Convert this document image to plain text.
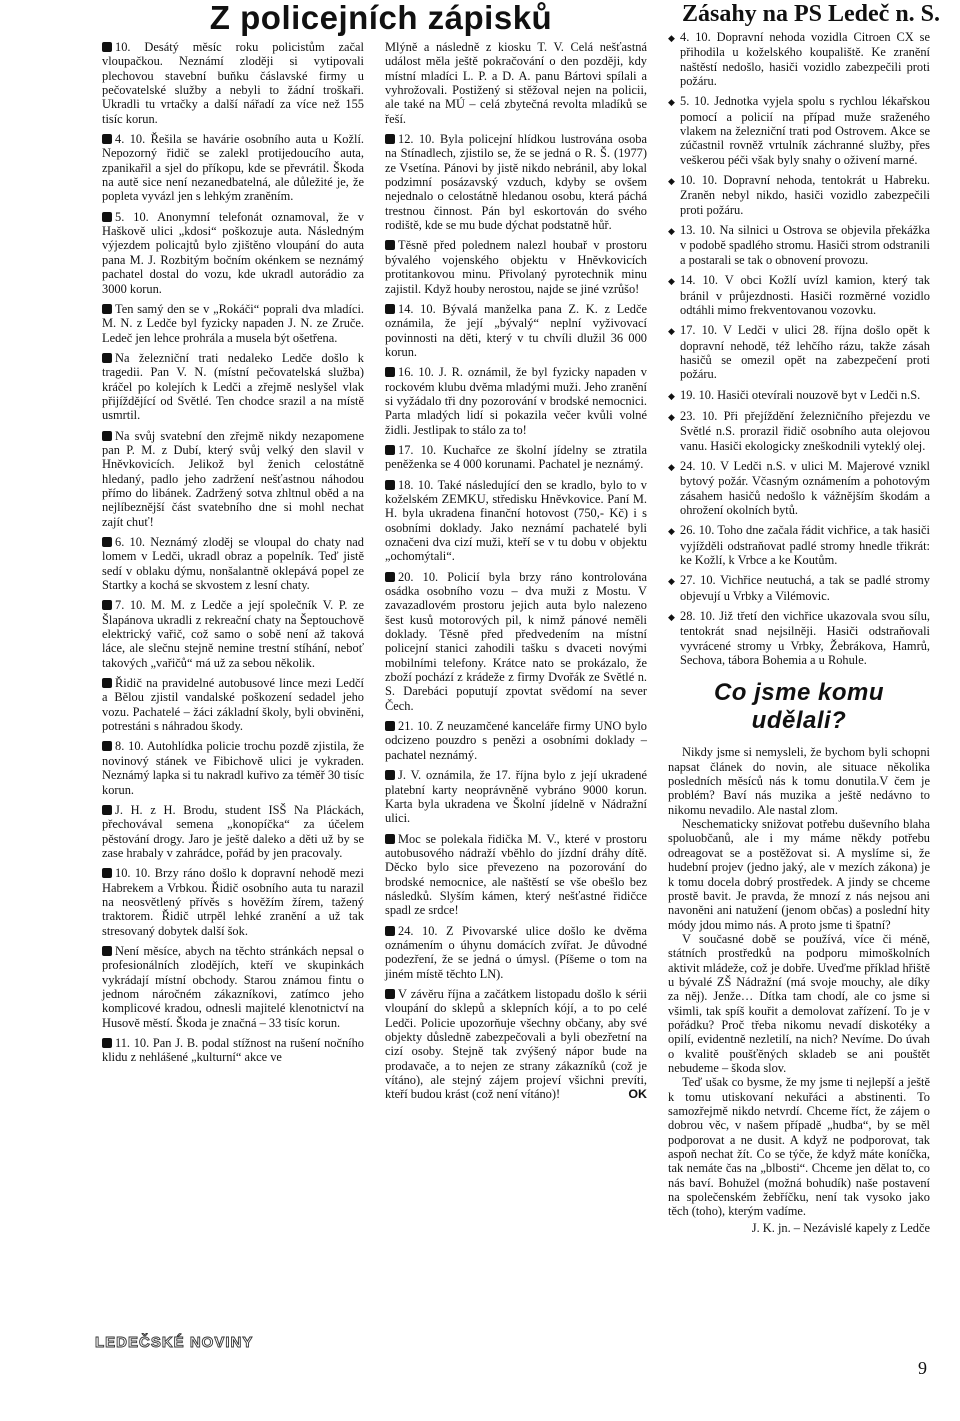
Z policejních zápisků	Zásahy na PS Ledeč n. S.

10. Desátý měsíc roku policistům začal vloupačkou. Neznámí zloději si vytipovali plechovou stavební buňku čáslavské firmy u pečovatelské služby a nebyli to žádní troškaři. Ukradli tu vrtačky a další nářadí za více než 155 tisíc korun.

4. 10. Řešila se havárie osobního auta u Kožlí. Nepozorný řidič se zalekl protijedoucího auta, zpanikařil a sjel do příkopu, kde se převrátil. Škoda na autě sice není nezanedbatelná, ale důležité je, že popleta vyvázl jen s lehkým zraněním.

5. 10. Anonymní telefonát oznamoval, že v Haškově ulici „kdosi“ poškozuje auta. Následným výjezdem policajtů bylo zjištěno vloupání do auta pana M. J. Rozbitým bočním okénkem se neznámý pachatel dostal do vozu, kde ukradl autorádio za 3000 korun.

Ten samý den se v „Rokáči“ poprali dva mladíci. M. N. z Ledče byl fyzicky napaden J. N. ze Zruče. Ledeč jen lehce prohrála a musela být ošetřena.

Na železniční trati nedaleko Ledče došlo k tragedii. Pan V. N. (místní pečovatelská služba) kráčel po kolejích k Ledči a zřejmě neslyšel vlak přijíždějící od Světlé. Ten chodce srazil a na místě usmrtil.

Na svůj svatební den zřejmě nikdy nezapomene pan P. M. z Dubí, který svůj velký den slavil v Hněvkovicích. Jelikož byl ženich celostátně hledaný, padlo jeho zadržení nešťastnou náhodou přímo do libánek. Zadržený sotva zhltnul oběd a na nejlíbeznější část svatebního dne si mohl nechat zajít chuť!

6. 10. Neznámý zloděj se vloupal do chaty nad lomem v Ledči, ukradl obraz a popelník. Teď jistě sedí v oblaku dýmu, nonšalantně oklepává popel ze Startky a kochá se skvostem z lesní chaty.

7. 10. M. M. z Ledče a její společník V. P. ze Šlapánova ukradli z rekreační chaty na Šeptouchově elektrický vařič, což samo o sobě není až taková láce, ale slečnu stejně nemine trestní stíhání, neboť takových „vařičů“ má už za sebou několik.

Řidič na pravidelné autobusové lince mezi Ledčí a Bělou zjistil vandalské poškození sedadel jeho vozu. Pachatelé – žáci základní školy, byli obviněni, potrestáni s náhradou škody.

8. 10. Autohlídka policie trochu pozdě zjistila, že novinový stánek ve Fibichově ulici je vykraden. Neznámý lapka si tu nakradl kuřivo za téměř 30 tisíc korun.

J. H. z H. Brodu, student ISŠ Na Pláckách, přechovával semena „konopíčka“ za účelem pěstování drogy. Jaro je ještě daleko a děti už by se zase hrabaly v zahrádce, pořád by jen pracovaly.

10. 10. Brzy ráno došlo k dopravní nehodě mezi Habrekem a Vrbkou. Řidič osobního auta tu narazil na neosvětlený přívěs s hověžím žírem, tažený traktorem. Řidič utrpěl lehké zranění a už tak stresovaný dobytek další šok.

Není měsíce, abych na těchto stránkách nepsal o profesionálních zlodějích, kteří ve skupinkách vykrádají místní obchody. Starou známou fintu o jednom náročném zákazníkovi, zatímco jeho komplicové kradou, odnesli majitelé klenotnictví na Husově městí. Škoda je značná – 33 tisíc korun.

11. 10. Pan J. B. podal stížnost na rušení nočního klidu z nehlášené „kulturní“ akce ve

Mlýně a následně z kiosku T. V. Celá nešťastná událost měla ještě pokračování o den později, kdy místní mladíci L. P. a D. A. panu Bártovi spílali a vyhrožovali. Postižený si stěžoval nejen na policii, ale také na MÚ – celá zbytečná revolta mladíků se řeší.

12. 10. Byla policejní hlídkou lustrována osoba na Stínadlech, zjistilo se, že se jedná o R. Š. (1977) ze Vsetína. Pánovi by jistě nikdo nebránil, aby lokal podzimní posázavský vzduch, kdyby se ovšem nejednalo o celostátně hledanou osobu, která páchá trestnou činnost. Pán byl eskortován do svého rodiště, kde se mu bude dýchat podstatně hůř.

Těsně před polednem nalezl houbař v prostoru bývalého vojenského objektu v Hněvkovicích protitankovou minu. Přivolaný pyrotechnik minu zajistil. Když houby nerostou, najde se jiné vzrůšo!

14. 10. Bývalá manželka pana Z. K. z Ledče oznámila, že její „bývalý“ neplní vyživovací povinnosti na děti, který v tu chvíli dlužil 36 000 korun.

16. 10. J. R. oznámil, že byl fyzicky napaden v rockovém klubu dvěma mladými muži. Jeho zranění si vyžádalo tři dny pozorování v brodské nemocnici. Parta mladých lidí si pokazila večer kvůli volné židli. Jestlipak to stálo za to!

17. 10. Kuchařce ze školní jídelny se ztratila peněženka se 4 000 korunami. Pachatel je neznámý.

18. 10. Také následující den se kradlo, bylo to v koželském ZEMKU, středisku Hněvkovice. Paní M. H. byla ukradena finanční hotovost (750,- Kč) i s osobními doklady. Jako neznámí pachatelé byli označeni dva cizí muži, kteří se v tu dobu v objektu „ochomýtali“.

20. 10. Policií byla brzy ráno kontrolována osádka osobního vozu – dva muži z Mostu. V zavazadlovém prostoru jejich auta bylo nalezeno šest kusů motorových pil, k nimž pánové neměli doklady. Těsně před předvedením na místní policejní stanici zahodili tašku s dvaceti novými mobilními telefony. Krátce nato se prokázalo, že zboží pochází z krádeže z firmy Dvořák ze Světlé n. S. Darebáci poputují zpovtat svědomí na sever Čech.

21. 10. Z neuzamčené kanceláře firmy UNO bylo odcizeno pouzdro s penězi a osobními doklady – pachatel neznámý.

J. V. oznámila, že 17. října bylo z její ukradené platební karty neoprávněně vybráno 9000 korun. Karta byla ukradena ve Školní jídelně v Nádražní ulici.

Moc se polekala řidička M. V., které v prostoru autobusového nádraží vběhlo do jízdní dráhy dítě. Děcko bylo sice převezeno na pozorování do brodské nemocnice, ale naštěstí se vše obešlo bez následků. Slyším kámen, který nešťastné řidičce spadl ze srdce!

24. 10. Z Pivovarské ulice došlo ke dvěma oznámením o úhynu domácích zvířat. Je důvodné podezření, že se jedná o úmysl. (Píšeme o tom na jiném místě těchto LN).

V závěru října a začátkem listopadu došlo k sérii vloupání do sklepů a sklepních kójí, a to po celé Ledči. Policie upozorňuje všechny občany, aby své objekty důsledně zabezpečovali a byli obezřetní na cizí osoby. Stejně tak zvýšený nápor bude na prodavače, a to nejen ze strany zákazníků (což je vítáno), ale stejný zájem projeví všichni prevíti, kteří budou krást (což není vítáno)!	OK

◆ 4. 10. Dopravní nehoda vozidla Citroen CX se přihodila u koželského koupaliště. Ke zranění naštěstí nedošlo, hasiči vozidlo zabezpečili proti požáru.

◆ 5. 10. Jednotka vyjela spolu s rychlou lékařskou pomocí a policií na případ muže sraženého vlakem na železniční trati pod Ostrovem. Akce se zúčastnil rovněž vrtulník záchranné služby, přes veškerou péči však byly snahy o oživení marné.

◆ 10. 10. Dopravní nehoda, tentokrát u Habreku. Zraněn nebyl nikdo, hasiči vozidlo zabezpečili proti požáru.

◆ 13. 10. Na silnici u Ostrova se objevila překážka v podobě spadlého stromu. Hasiči strom odstranili a postarali se tak o obnovení provozu.

◆ 14. 10. V obci Kožlí uvízl kamion, který tak bránil v průjezdnosti. Hasiči rozměrné vozidlo odtáhli mimo frekventovanou vozovku.

◆ 17. 10. V Ledči v ulici 28. října došlo opět k dopravní nehodě, též lehčího rázu, takže zásah hasičů se omezil opět na zabezpečení proti požáru.

◆ 19. 10. Hasiči otevírali nouzově byt v Ledči n.S.

◆ 23. 10. Při přejíždění železničního přejezdu ve Světlé n.S. prorazil řidič osobního auta olejovou vanu. Hasiči ekologicky zneškodnili vyteklý olej.

◆ 24. 10. V Ledči n.S. v ulici M. Majerové vznikl bytový požár. Včasným oznámením a pohotovým zásahem hasičů nedošlo k vážnějším škodám a ohrožení okolních bytů.

◆ 26. 10. Toho dne začala řádit vichřice, a tak hasiči vyjížděli odstraňovat padlé stromy hnedle třikrát: ke Kožlí, k Vrbce a ke Koutům.

◆ 27. 10. Vichřice neutuchá, a tak se padlé stromy objevují u Vrbky a Vilémovic.

◆ 28. 10. Již třetí den vichřice ukazovala svou sílu, tentokrát snad nejsilněji. Hasiči odstraňovali vyvrácené stromy u Vrbky, Žebrákova, Hamrů, Sechova, tábora Bohemia a u Rohule.

Co jsme komu udělali?

Nikdy jsme si nemysleli, že bychom byli schopni napsat článek do novin, ale situace několika posledních měsíců nás k tomu donutila.V čem je problém? Baví nás muzika a ještě nedávno to nikomu nevadilo. Ale nastal zlom.

Neschematicky snižovat potřebu duševního blaha spoluobčanů, ale i my máme někdy potřebu odreagovat se a postěžovat si. A myslíme si, že hudební projev (jedno jaký, ale v mezích zákona) je k tomu docela dobrý prostředek. A jindy se chceme prostě bavit. Je pravda, že mnozí z nás nejsou ani navoněni ani natužení (jenom občas) a poslední hity módy jdou mimo nás. A proto jsme ti špatní?

V současné době se používá, více či méně, státních prostředků na podporu mimoškolních aktivit mládeže, což je dobře. Uveďme příklad hřiště u bývalé ZŠ Nádražní (má svoje mouchy, ale díky za něj). Jenže… Dítka tam chodí, ale co jsme si všimli, tak spíš kouřit a demolovat zařízení. To je v pořádku? Proč třeba nikomu nevadí diskotéky a opilí, evidentně nezletilí, na nich? Nevíme. Do úvah o kvalitě poušťěných skladeb se ani pouštět nebudeme – škoda slov.

Teď ušak co bysme, že my jsme ti nejlepší a ještě k tomu utiskovaní nekuřáci a abstinenti. To samozřejmě nikdo netvrdí. Chceme říct, že zájem o dobrou věc, v našem případě „hudba“, by se měl podporovat a ne dusit. A když ne podporovat, tak aspoň nechat žít. Co se týče, že když máte koníčka, tak nemáte čas na „blbosti“. Chceme jen dělat to, co nás baví. Bohužel (možná bohudík) naše postavení na společenském žebříčku, není tak vysoko jako těch (toho), kterým vadíme.

J. K. jn. – Nezávislé kapely z Ledče

LEDEČSKÉ NOVINY
9
